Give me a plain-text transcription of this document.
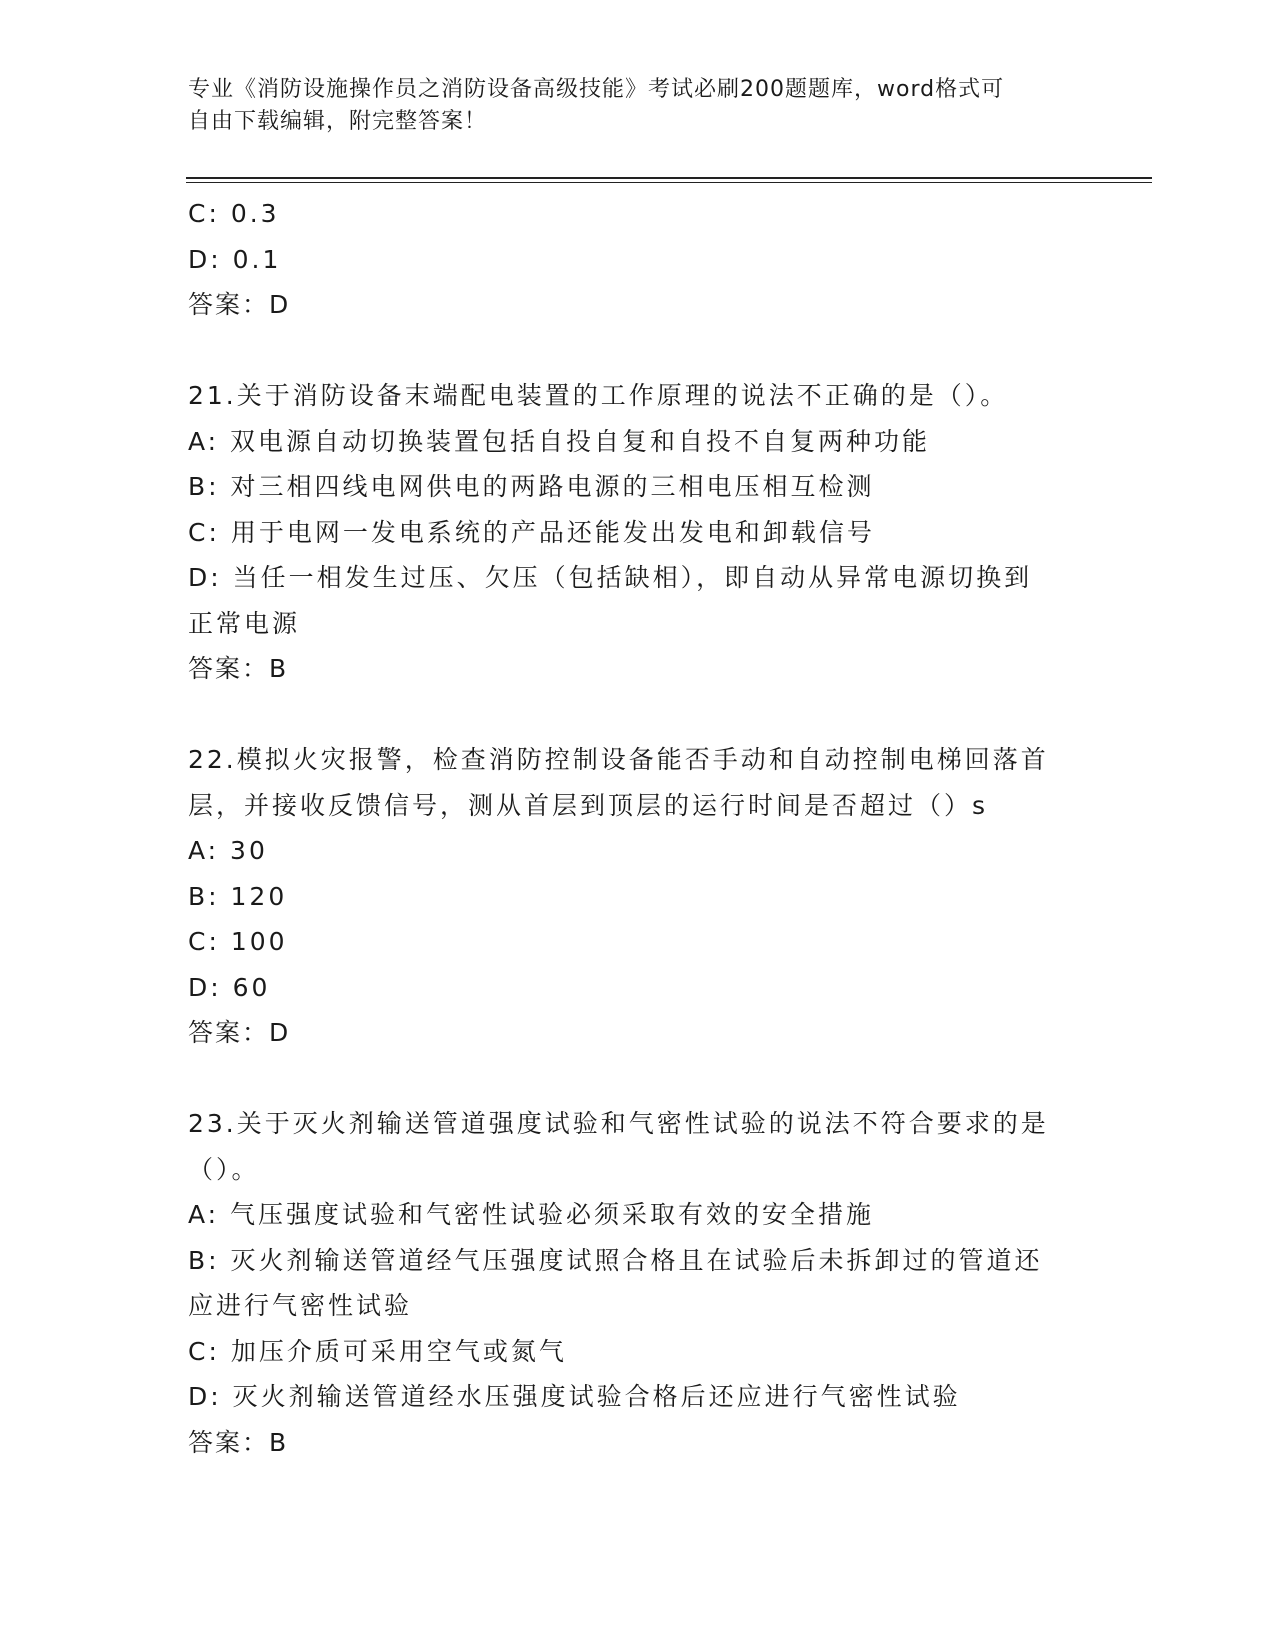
专业《消防设施操作员之消防设备高级技能》考试必刷200题题库，word格式可
自由下载编辑，附完整答案！
C: 0.3
D: 0.1
答案：D
21.关于消防设备末端配电装置的工作原理的说法不正确的是（）。
A: 双电源自动切换装置包括自投自复和自投不自复两种功能
B: 对三相四线电网供电的两路电源的三相电压相互检测
C: 用于电网一发电系统的产品还能发出发电和卸载信号
D: 当任一相发生过压、欠压（包括缺相），即自动从异常电源切换到
正常电源
答案：B
22.模拟火灾报警，检查消防控制设备能否手动和自动控制电梯回落首
层，并接收反馈信号，测从首层到顶层的运行时间是否超过（）s
A: 30
B: 120
C: 100
D: 60
答案：D
23.关于灭火剂输送管道强度试验和气密性试验的说法不符合要求的是
（）。
A: 气压强度试验和气密性试验必须采取有效的安全措施
B: 灭火剂输送管道经气压强度试照合格且在试验后未拆卸过的管道还
应进行气密性试验
C: 加压介质可采用空气或氮气
D: 灭火剂输送管道经水压强度试验合格后还应进行气密性试验
答案：B
